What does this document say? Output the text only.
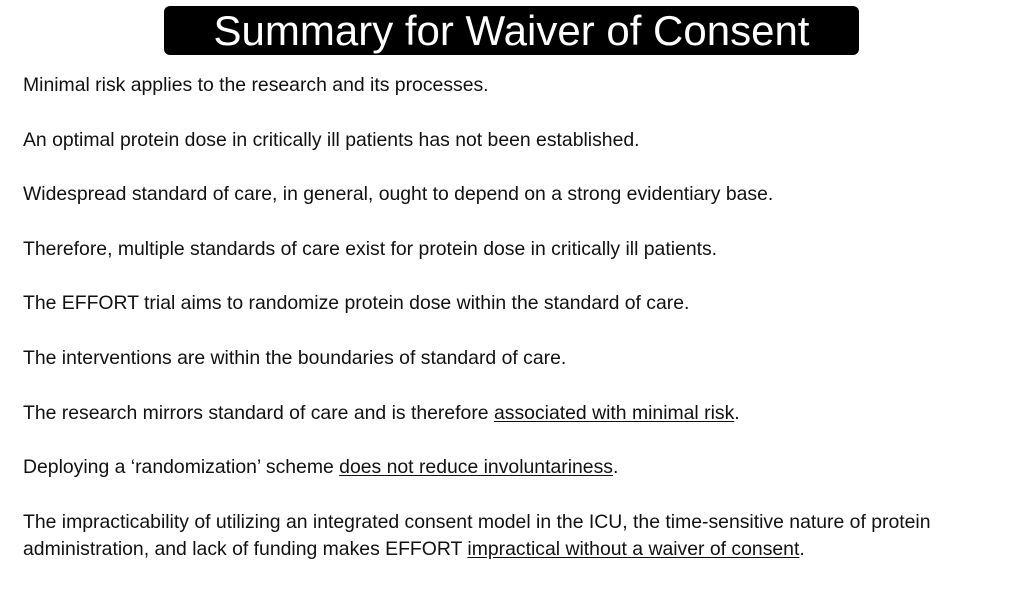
Summary for Waiver of Consent

Minimal risk applies to the research and its processes.

An optimal protein dose in critically ill patients has not been established.

Widespread standard of care, in general, ought to depend on a strong evidentiary base.

Therefore, multiple standards of care exist for protein dose in critically ill patients.

The EFFORT trial aims to randomize protein dose within the standard of care.

The interventions are within the boundaries of standard of care.

The research mirrors standard of care and is therefore associated with minimal risk.

Deploying a ‘randomization’ scheme does not reduce involuntariness.

The impracticability of utilizing an integrated consent model in the ICU, the time-sensitive nature of protein administration, and lack of funding makes EFFORT impractical without a waiver of consent.
